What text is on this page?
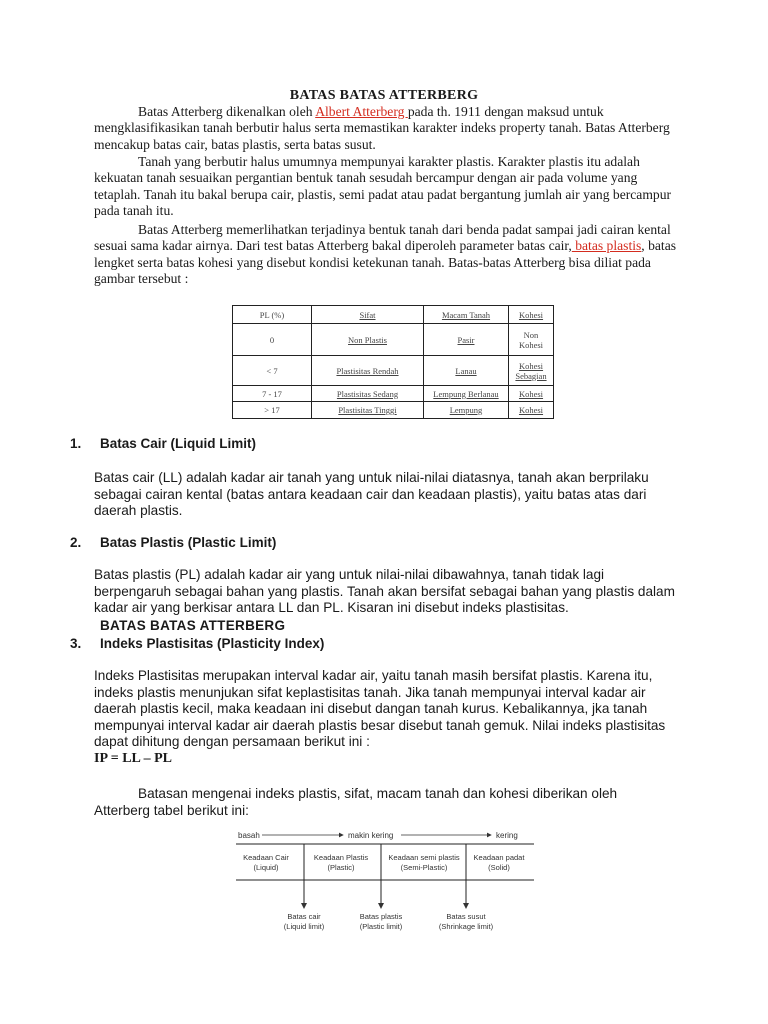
BATAS BATAS ATTERBERG

Batas Atterberg dikenalkan oleh Albert Atterberg pada th. 1911 dengan maksud untuk mengklasifikasikan tanah berbutir halus serta memastikan karakter indeks property tanah. Batas Atterberg mencakup batas cair, batas plastis, serta batas susut.

Tanah yang berbutir halus umumnya mempunyai karakter plastis. Karakter plastis itu adalah kekuatan tanah sesuaikan pergantian bentuk tanah sesudah bercampur dengan air pada volume yang tetaplah. Tanah itu bakal berupa cair, plastis, semi padat atau padat bergantung jumlah air yang bercampur pada tanah itu.

Batas Atterberg memerlihatkan terjadinya bentuk tanah dari benda padat sampai jadi cairan kental sesuai sama kadar airnya. Dari test batas Atterberg bakal diperoleh parameter batas cair, batas plastis, batas lengket serta batas kohesi yang disebut kondisi ketekunan tanah. Batas-batas Atterberg bisa diliat pada gambar tersebut :

PL (%)	Sifat	Macam Tanah	Kohesi
0	Non Plastis	Pasir	Non Kohesi
< 7	Plastisitas Rendah	Lanau	Kohesi Sebagian
7 - 17	Plastisitas Sedang	Lempung Berlanau	Kohesi
> 17	Plastisitas Tinggi	Lempung	Kohesi
1. Batas Cair (Liquid Limit)

Batas cair (LL) adalah kadar air tanah yang untuk nilai-nilai diatasnya, tanah akan berprilaku sebagai cairan kental (batas antara keadaan cair dan keadaan plastis), yaitu batas atas dari daerah plastis.

2. Batas Plastis (Plastic Limit)

Batas plastis (PL) adalah kadar air yang untuk nilai-nilai dibawahnya, tanah tidak lagi berpengaruh sebagai bahan yang plastis. Tanah akan bersifat sebagai bahan yang plastis dalam kadar air yang berkisar antara LL dan PL. Kisaran ini disebut indeks plastisitas.

BATAS BATAS ATTERBERG
3. Indeks Plastisitas (Plasticity Index)

Indeks Plastisitas merupakan interval kadar air, yaitu tanah masih bersifat plastis. Karena itu, indeks plastis menunjukan sifat keplastisitas tanah. Jika tanah mempunyai interval kadar air daerah plastis kecil, maka keadaan ini disebut dangan tanah kurus. Kebalikannya, jka tanah mempunyai interval kadar air daerah plastis besar disebut tanah gemuk. Nilai indeks plastisitas dapat dihitung dengan persamaan berikut ini :

IP = LL – PL

Batasan mengenai indeks plastis, sifat, macam tanah dan kohesi diberikan oleh Atterberg tabel berikut ini:

basah	makin kering	kering
Keadaan Cair
(Liquid)
Keadaan Plastis
(Plastic)
Keadaan semi plastis
(Semi-Plastic)
Keadaan padat
(Solid)
Batas cair
(Liquid limit)
Batas plastis
(Plastic limit)
Batas susut
(Shrinkage limit)
